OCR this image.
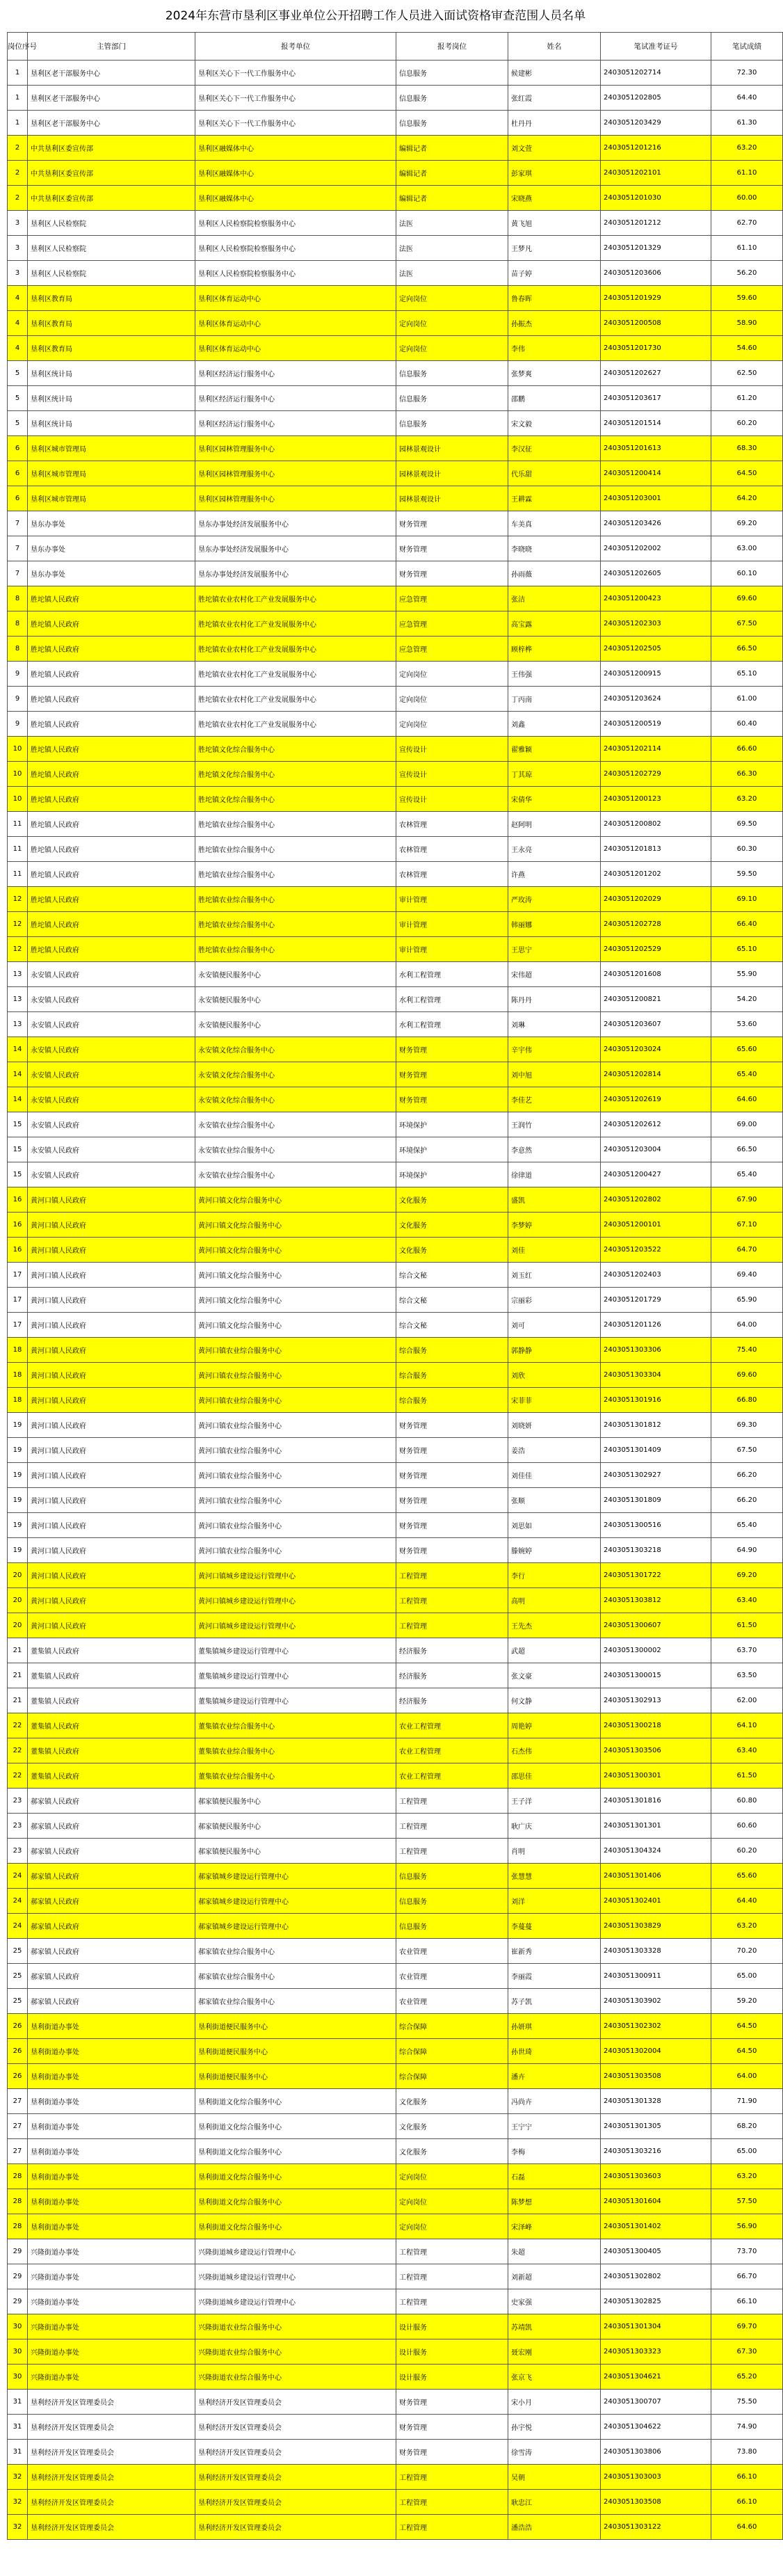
2024年东营市垦利区事业单位公开招聘工作人员进入面试资格审查范围人员名单
岗位序号	主管部门	报考单位	报考岗位	姓名	笔试准考证号	笔试成绩
1	垦利区老干部服务中心	垦利区关心下一代工作服务中心	信息服务	候建彬	2403051202714	72.30
1	垦利区老干部服务中心	垦利区关心下一代工作服务中心	信息服务	张红霞	2403051202805	64.40
1	垦利区老干部服务中心	垦利区关心下一代工作服务中心	信息服务	杜丹丹	2403051203429	61.30
2	中共垦利区委宣传部	垦利区融媒体中心	编辑记者	刘文萱	2403051201216	63.20
2	中共垦利区委宣传部	垦利区融媒体中心	编辑记者	彭家琪	2403051202101	61.10
2	中共垦利区委宣传部	垦利区融媒体中心	编辑记者	宋晓燕	2403051201030	60.00
3	垦利区人民检察院	垦利区人民检察院检察服务中心	法医	黄飞旭	2403051201212	62.70
3	垦利区人民检察院	垦利区人民检察院检察服务中心	法医	王梦凡	2403051201329	61.10
3	垦利区人民检察院	垦利区人民检察院检察服务中心	法医	苗子婷	2403051203606	56.20
4	垦利区教育局	垦利区体育运动中心	定向岗位	鲁春晖	2403051201929	59.60
4	垦利区教育局	垦利区体育运动中心	定向岗位	孙振杰	2403051200508	58.90
4	垦利区教育局	垦利区体育运动中心	定向岗位	李伟	2403051201730	54.60
5	垦利区统计局	垦利区经济运行服务中心	信息服务	张梦爽	2403051202627	62.50
5	垦利区统计局	垦利区经济运行服务中心	信息服务	邵鹏	2403051203617	61.20
5	垦利区统计局	垦利区经济运行服务中心	信息服务	宋文毅	2403051201514	60.20
6	垦利区城市管理局	垦利区园林管理服务中心	园林景观设计	李汉征	2403051201613	68.30
6	垦利区城市管理局	垦利区园林管理服务中心	园林景观设计	代乐甜	2403051200414	64.50
6	垦利区城市管理局	垦利区园林管理服务中心	园林景观设计	王耕霖	2403051203001	64.20
7	垦东办事处	垦东办事处经济发展服务中心	财务管理	车美真	2403051203426	69.20
7	垦东办事处	垦东办事处经济发展服务中心	财务管理	李晓晓	2403051202002	63.00
7	垦东办事处	垦东办事处经济发展服务中心	财务管理	孙雨薇	2403051202605	60.10
8	胜坨镇人民政府	胜坨镇农业农村化工产业发展服务中心	应急管理	张洁	2403051200423	69.60
8	胜坨镇人民政府	胜坨镇农业农村化工产业发展服务中心	应急管理	高宝露	2403051202303	67.50
8	胜坨镇人民政府	胜坨镇农业农村化工产业发展服务中心	应急管理	顾梓桦	2403051202505	66.50
9	胜坨镇人民政府	胜坨镇农业农村化工产业发展服务中心	定向岗位	王伟强	2403051200915	65.10
9	胜坨镇人民政府	胜坨镇农业农村化工产业发展服务中心	定向岗位	丁丙南	2403051203624	61.00
9	胜坨镇人民政府	胜坨镇农业农村化工产业发展服务中心	定向岗位	刘鑫	2403051200519	60.40
10	胜坨镇人民政府	胜坨镇文化综合服务中心	宣传设计	翟雅颖	2403051202114	66.60
10	胜坨镇人民政府	胜坨镇文化综合服务中心	宣传设计	丁其琼	2403051202729	66.30
10	胜坨镇人民政府	胜坨镇文化综合服务中心	宣传设计	宋倩华	2403051200123	63.20
11	胜坨镇人民政府	胜坨镇农业综合服务中心	农林管理	赵阿明	2403051200802	69.50
11	胜坨镇人民政府	胜坨镇农业综合服务中心	农林管理	王永亮	2403051201813	60.30
11	胜坨镇人民政府	胜坨镇农业综合服务中心	农林管理	许燕	2403051201202	59.50
12	胜坨镇人民政府	胜坨镇农业综合服务中心	审计管理	严玫涛	2403051202029	69.10
12	胜坨镇人民政府	胜坨镇农业综合服务中心	审计管理	韩丽娜	2403051202728	66.40
12	胜坨镇人民政府	胜坨镇农业综合服务中心	审计管理	王思宁	2403051202529	65.10
13	永安镇人民政府	永安镇便民服务中心	水利工程管理	宋伟超	2403051201608	55.90
13	永安镇人民政府	永安镇便民服务中心	水利工程管理	陈丹丹	2403051200821	54.20
13	永安镇人民政府	永安镇便民服务中心	水利工程管理	刘琳	2403051203607	53.60
14	永安镇人民政府	永安镇文化综合服务中心	财务管理	辛宇伟	2403051203024	65.60
14	永安镇人民政府	永安镇文化综合服务中心	财务管理	刘中旭	2403051202814	65.40
14	永安镇人民政府	永安镇文化综合服务中心	财务管理	李佳艺	2403051202619	64.60
15	永安镇人民政府	永安镇农业综合服务中心	环境保护	王润竹	2403051202612	69.00
15	永安镇人民政府	永安镇农业综合服务中心	环境保护	李意然	2403051203004	66.50
15	永安镇人民政府	永安镇农业综合服务中心	环境保护	徐律道	2403051200427	65.40
16	黄河口镇人民政府	黄河口镇文化综合服务中心	文化服务	盛凯	2403051202802	67.90
16	黄河口镇人民政府	黄河口镇文化综合服务中心	文化服务	李梦婷	2403051200101	67.10
16	黄河口镇人民政府	黄河口镇文化综合服务中心	文化服务	刘佳	2403051203522	64.70
17	黄河口镇人民政府	黄河口镇文化综合服务中心	综合文秘	刘玉红	2403051202403	69.40
17	黄河口镇人民政府	黄河口镇文化综合服务中心	综合文秘	宗丽彩	2403051201729	65.90
17	黄河口镇人民政府	黄河口镇文化综合服务中心	综合文秘	刘可	2403051201126	64.00
18	黄河口镇人民政府	黄河口镇农业综合服务中心	综合服务	郭静静	2403051303306	75.40
18	黄河口镇人民政府	黄河口镇农业综合服务中心	综合服务	刘欣	2403051303304	69.60
18	黄河口镇人民政府	黄河口镇农业综合服务中心	综合服务	宋菲菲	2403051301916	66.80
19	黄河口镇人民政府	黄河口镇农业综合服务中心	财务管理	刘晓妍	2403051301812	69.30
19	黄河口镇人民政府	黄河口镇农业综合服务中心	财务管理	姜浩	2403051301409	67.50
19	黄河口镇人民政府	黄河口镇农业综合服务中心	财务管理	刘佳佳	2403051302927	66.20
19	黄河口镇人民政府	黄河口镇农业综合服务中心	财务管理	张顺	2403051301809	66.20
19	黄河口镇人民政府	黄河口镇农业综合服务中心	财务管理	刘思如	2403051300516	65.40
19	黄河口镇人民政府	黄河口镇农业综合服务中心	财务管理	滕婉婷	2403051303218	64.90
20	黄河口镇人民政府	黄河口镇城乡建设运行管理中心	工程管理	李行	2403051301722	69.20
20	黄河口镇人民政府	黄河口镇城乡建设运行管理中心	工程管理	高明	2403051303812	63.40
20	黄河口镇人民政府	黄河口镇城乡建设运行管理中心	工程管理	王先杰	2403051300607	61.50
21	董集镇人民政府	董集镇城乡建设运行管理中心	经济服务	武超	2403051300002	63.70
21	董集镇人民政府	董集镇城乡建设运行管理中心	经济服务	张文豪	2403051300015	63.50
21	董集镇人民政府	董集镇城乡建设运行管理中心	经济服务	何文静	2403051302913	62.00
22	董集镇人民政府	董集镇农业综合服务中心	农业工程管理	周艳婷	2403051300218	64.10
22	董集镇人民政府	董集镇农业综合服务中心	农业工程管理	石杰伟	2403051303506	63.40
22	董集镇人民政府	董集镇农业综合服务中心	农业工程管理	邵思佳	2403051300301	61.50
23	郝家镇人民政府	郝家镇便民服务中心	工程管理	王子洋	2403051301816	60.80
23	郝家镇人民政府	郝家镇便民服务中心	工程管理	耿广庆	2403051301301	60.60
23	郝家镇人民政府	郝家镇便民服务中心	工程管理	肖明	2403051304324	60.20
24	郝家镇人民政府	郝家镇城乡建设运行管理中心	信息服务	张慧慧	2403051301406	65.60
24	郝家镇人民政府	郝家镇城乡建设运行管理中心	信息服务	刘洋	2403051302401	64.40
24	郝家镇人民政府	郝家镇城乡建设运行管理中心	信息服务	李蔓蔓	2403051303829	63.20
25	郝家镇人民政府	郝家镇农业综合服务中心	农业管理	崔新秀	2403051303328	70.20
25	郝家镇人民政府	郝家镇农业综合服务中心	农业管理	李丽霞	2403051300911	65.00
25	郝家镇人民政府	郝家镇农业综合服务中心	农业管理	苏子凯	2403051303902	59.20
26	垦利街道办事处	垦利街道便民服务中心	综合保障	孙妍琪	2403051302302	64.50
26	垦利街道办事处	垦利街道便民服务中心	综合保障	孙世琦	2403051302004	64.50
26	垦利街道办事处	垦利街道便民服务中心	综合保障	潘卉	2403051303508	64.00
27	垦利街道办事处	垦利街道文化综合服务中心	文化服务	冯尚卉	2403051301328	71.90
27	垦利街道办事处	垦利街道文化综合服务中心	文化服务	王宁宁	2403051301305	68.20
27	垦利街道办事处	垦利街道文化综合服务中心	文化服务	李梅	2403051303216	65.00
28	垦利街道办事处	垦利街道文化综合服务中心	定向岗位	石磊	2403051303603	63.20
28	垦利街道办事处	垦利街道文化综合服务中心	定向岗位	陈梦想	2403051301604	57.50
28	垦利街道办事处	垦利街道文化综合服务中心	定向岗位	宋泽峰	2403051301402	56.90
29	兴隆街道办事处	兴隆街道城乡建设运行管理中心	工程管理	朱超	2403051300405	73.70
29	兴隆街道办事处	兴隆街道城乡建设运行管理中心	工程管理	刘新超	2403051302802	66.70
29	兴隆街道办事处	兴隆街道城乡建设运行管理中心	工程管理	史家强	2403051302825	66.10
30	兴隆街道办事处	兴隆街道农业综合服务中心	设计服务	苏靖凯	2403051301304	69.70
30	兴隆街道办事处	兴隆街道农业综合服务中心	设计服务	聂宏刚	2403051303323	67.30
30	兴隆街道办事处	兴隆街道农业综合服务中心	设计服务	张京飞	2403051304621	65.20
31	垦利经济开发区管理委员会	垦利经济开发区管理委员会	财务管理	宋小月	2403051300707	75.50
31	垦利经济开发区管理委员会	垦利经济开发区管理委员会	财务管理	孙宇悦	2403051304622	74.90
31	垦利经济开发区管理委员会	垦利经济开发区管理委员会	财务管理	徐雪涛	2403051303806	73.80
32	垦利经济开发区管理委员会	垦利经济开发区管理委员会	工程管理	吴朝	2403051303003	66.10
32	垦利经济开发区管理委员会	垦利经济开发区管理委员会	工程管理	耿忠江	2403051303508	66.10
32	垦利经济开发区管理委员会	垦利经济开发区管理委员会	工程管理	潘浩浩	2403051303122	64.60
